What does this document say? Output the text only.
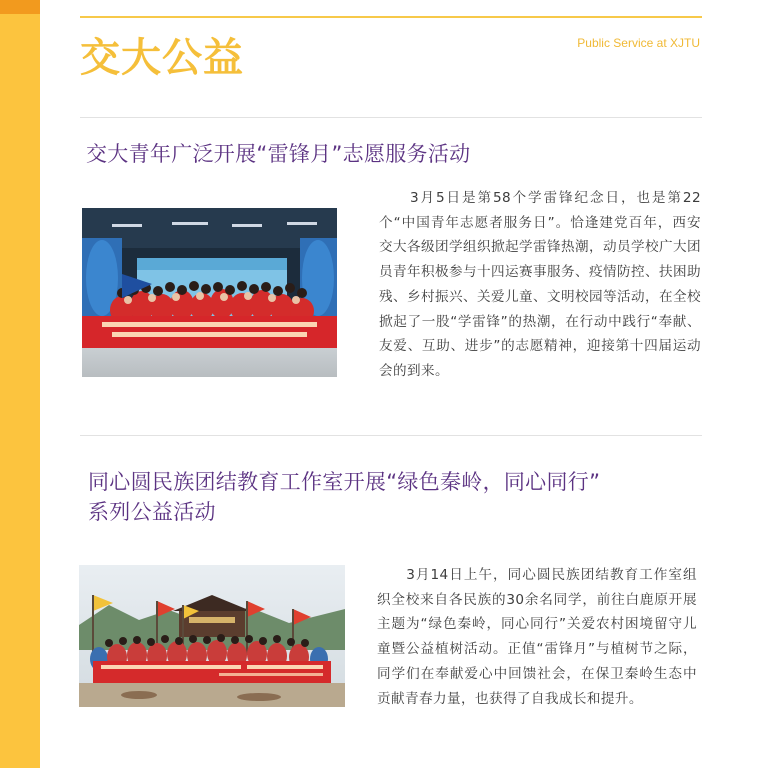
交大公益	Public Service at XJTU
交大青年广泛开展“雷锋月”志愿服务活动
　　3月5日是第58个学雷锋纪念日，也是第22个“中国青年志愿者服务日”。恰逢建党百年，西安交大各级团学组织掀起学雷锋热潮，动员学校广大团员青年积极参与十四运赛事服务、疫情防控、扶困助残、乡村振兴、关爱儿童、文明校园等活动，在全校掀起了一股“学雷锋”的热潮，在行动中践行“奉献、友爱、互助、进步”的志愿精神，迎接第十四届运动会的到来。
同心圆民族团结教育工作室开展“绿色秦岭，同心同行”
系列公益活动
　　3月14日上午，同心圆民族团结教育工作室组织全校来自各民族的30余名同学，前往白鹿原开展主题为“绿色秦岭，同心同行”关爱农村困境留守儿童暨公益植树活动。正值“雷锋月”与植树节之际，同学们在奉献爱心中回馈社会，在保卫秦岭生态中贡献青春力量，也获得了自我成长和提升。
